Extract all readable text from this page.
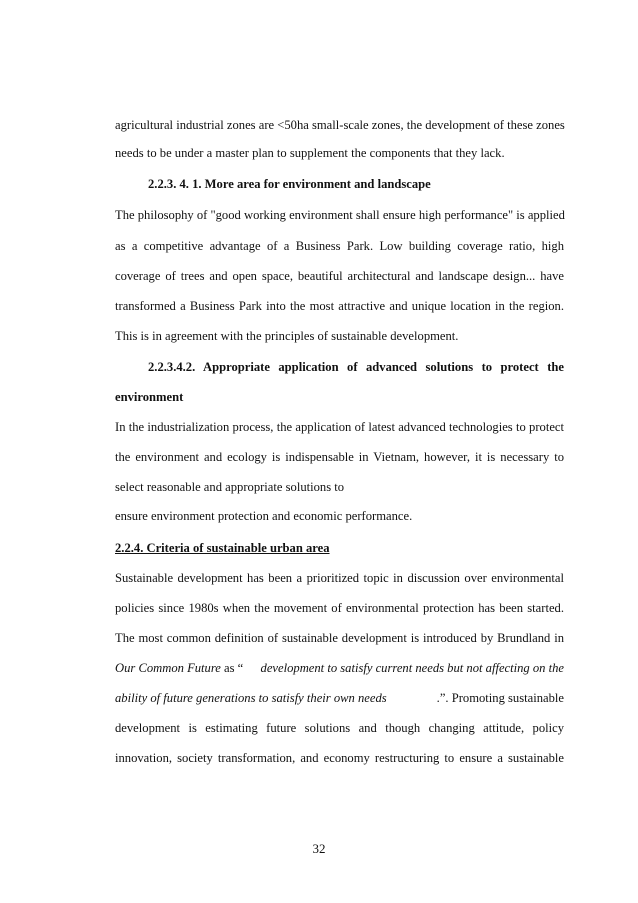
agricultural industrial zones are <50ha small-scale zones, the development of these zones
needs to be under a master plan to supplement the components that they lack.
2.2.3. 4. 1. More area for environment and landscape
The philosophy of "good working environment shall ensure high performance" is applied
as a competitive advantage of a Business Park. Low building coverage ratio, high
coverage of trees and open space, beautiful architectural and landscape design... have
transformed a Business Park into the most attractive and unique location in the region.
This is in agreement with the principles of sustainable development.
2.2.3.4.2. Appropriate application of advanced solutions to protect the
environment
In the industrialization process, the application of latest advanced technologies to protect
the environment and ecology is indispensable in Vietnam, however, it is necessary to
select reasonable and appropriate solutions to
ensure environment protection and economic performance.
2.2.4. Criteria of sustainable urban area
Sustainable development has been a prioritized topic in discussion over environmental
policies since 1980s when the movement of environmental protection has been started.
The most common definition of sustainable development is introduced by Brundland in
Our Common Future as “ development to satisfy current needs but not affecting on the
ability of future generations to satisfy their own needs	.”. Promoting sustainable
development is estimating future solutions and though changing attitude, policy
innovation, society transformation, and economy restructuring to ensure a sustainable
32
